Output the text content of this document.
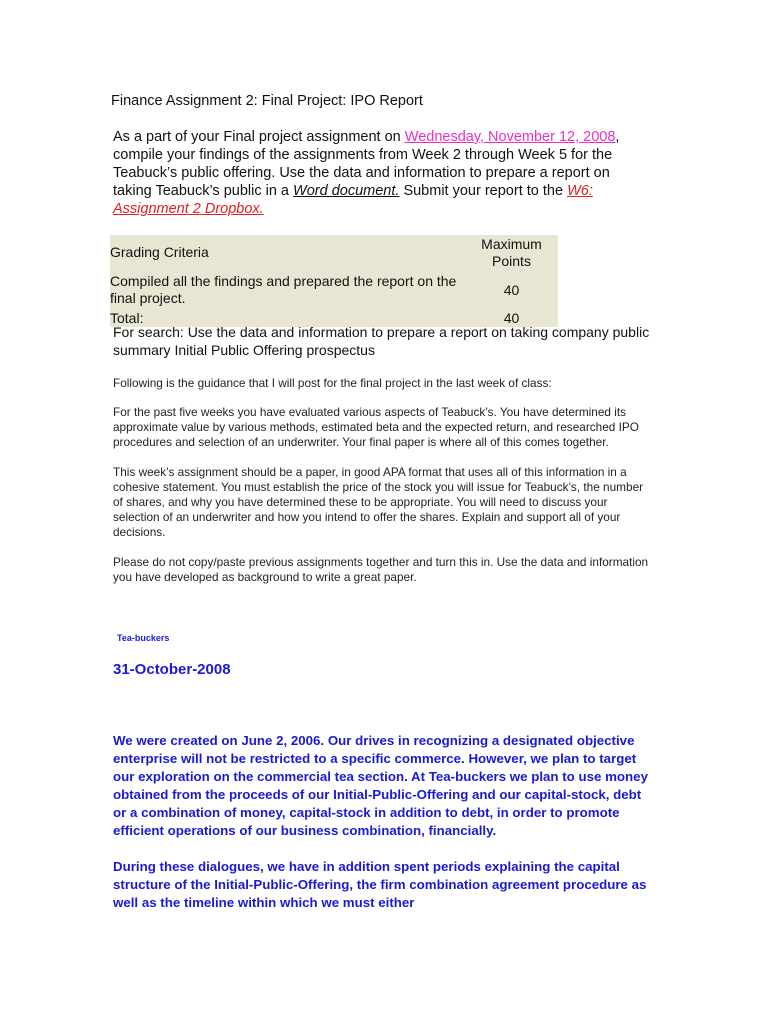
Finance Assignment 2: Final Project: IPO Report
As a part of your Final project assignment on Wednesday, November 12, 2008, compile your findings of the assignments from Week 2 through Week 5 for the Teabuck’s public offering. Use the data and information to prepare a report on taking Teabuck’s public in a Word document. Submit your report to the W6: Assignment 2 Dropbox.
Grading Criteria	Maximum Points
Compiled all the findings and prepared the report on the final project.	40
Total:	40

For search: Use the data and information to prepare a report on taking company public

summary Initial Public Offering prospectus

Following is the guidance that I will post for the final project in the last week of class:

For the past five weeks you have evaluated various aspects of Teabuck’s. You have determined its approximate value by various methods, estimated beta and the expected return, and researched IPO procedures and selection of an underwriter. Your final paper is where all of this comes together.

This week’s assignment should be a paper, in good APA format that uses all of this information in a cohesive statement. You must establish the price of the stock you will issue for Teabuck’s, the number of shares, and why you have determined these to be appropriate. You will need to discuss your selection of an underwriter and how you intend to offer the shares. Explain and support all of your decisions.

Please do not copy/paste previous assignments together and turn this in. Use the data and information you have developed as background to write a great paper.

Tea-buckers
31-October-2008

We were created on June 2, 2006. Our drives in recognizing a designated objective enterprise will not be restricted to a specific commerce. However, we plan to target our exploration on the commercial tea section. At Tea-buckers we plan to use money obtained from the proceeds of our Initial-Public-Offering and our capital-stock, debt or a combination of money, capital-stock in addition to debt, in order to promote efficient operations of our business combination, financially.

During these dialogues, we have in addition spent periods explaining the capital structure of the Initial-Public-Offering, the firm combination agreement procedure as well as the timeline within which we must either
